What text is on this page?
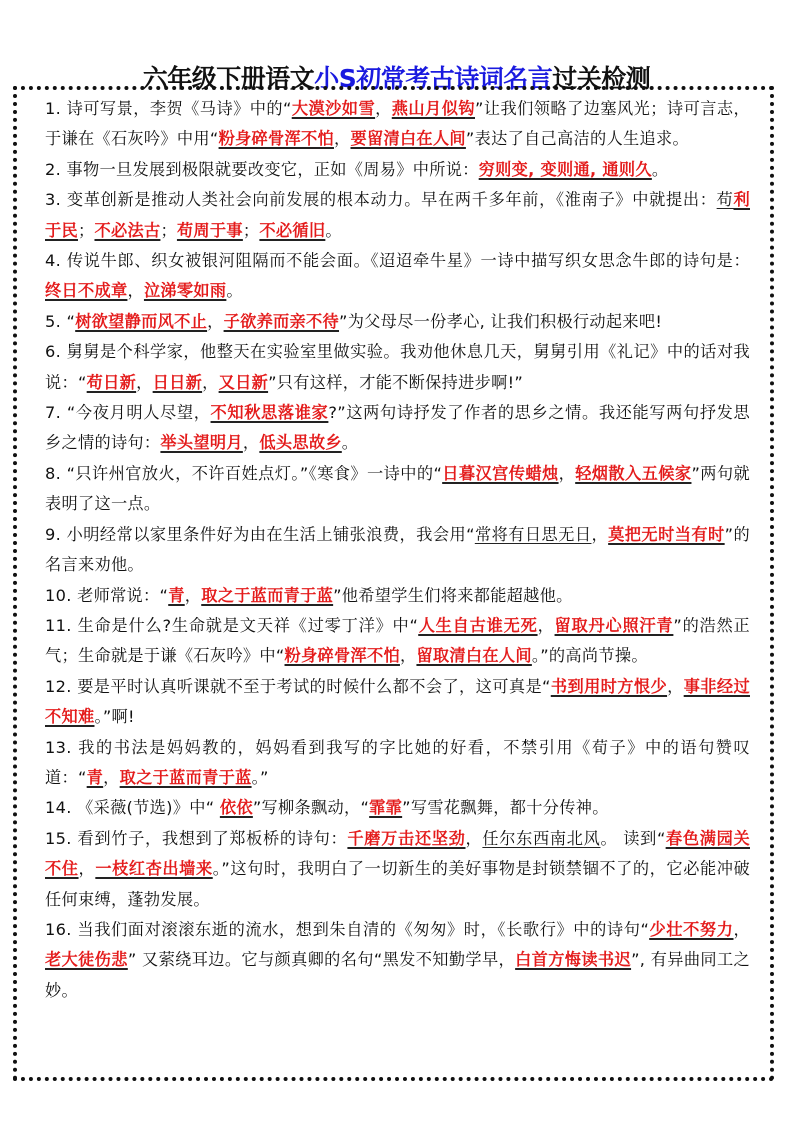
六年级下册语文小S初常考古诗词名言过关检测

1. 诗可写景，李贺《马诗》中的“大漠沙如雪，燕山月似钩”让我们领略了边塞风光；诗可言志，于谦在《石灰吟》中用“粉身碎骨浑不怕，要留清白在人间”表达了自己高洁的人生追求。

2. 事物一旦发展到极限就要改变它，正如《周易》中所说：穷则变, 变则通, 通则久。

3. 变革创新是推动人类社会向前发展的根本动力。早在两千多年前，《淮南子》中就提出：苟利于民；不必法古；苟周于事；不必循旧。

4. 传说牛郎、织女被银河阻隔而不能会面。《迢迢牵牛星》一诗中描写织女思念牛郎的诗句是：终日不成章，泣涕零如雨。

5. “树欲望静而风不止，子欲养而亲不待”为父母尽一份孝心, 让我们积极行动起来吧!

6. 舅舅是个科学家，他整天在实验室里做实验。我劝他休息几天，舅舅引用《礼记》中的话对我说：“苟日新，日日新，又日新”只有这样，才能不断保持进步啊!”

7. “今夜月明人尽望，不知秋思落谁家?”这两句诗抒发了作者的思乡之情。我还能写两句抒发思乡之情的诗句：举头望明月，低头思故乡。

8. “只许州官放火，不许百姓点灯。”《寒食》一诗中的“日暮汉宫传蜡烛，轻烟散入五候家”两句就表明了这一点。

9. 小明经常以家里条件好为由在生活上铺张浪费，我会用“常将有日思无日，莫把无时当有时”的名言来劝他。

10. 老师常说：“青，取之于蓝而青于蓝”他希望学生们将来都能超越他。

11. 生命是什么?生命就是文天祥《过零丁洋》中“人生自古谁无死，留取丹心照汗青”的浩然正气；生命就是于谦《石灰吟》中“粉身碎骨浑不怕，留取清白在人间。”的高尚节操。

12. 要是平时认真听课就不至于考试的时候什么都不会了，这可真是“书到用时方恨少，事非经过不知难。”啊!

13. 我的书法是妈妈教的，妈妈看到我写的字比她的好看，不禁引用《荀子》中的语句赞叹道：“青，取之于蓝而青于蓝。”

14. 《采薇(节选)》中“ 依依”写柳条飘动，“霏霏”写雪花飘舞，都十分传神。

15. 看到竹子，我想到了郑板桥的诗句：千磨万击还坚劲，任尔东西南北风。 读到“春色满园关不住，一枝红杏出墙来。”这句时，我明白了一切新生的美好事物是封锁禁锢不了的，它必能冲破任何束缚，蓬勃发展。

16. 当我们面对滚滚东逝的流水，想到朱自清的《匆匆》时，《长歌行》中的诗句“少壮不努力，老大徒伤悲” 又萦绕耳边。它与颜真卿的名句“黑发不知勤学早，白首方悔读书迟”, 有异曲同工之妙。
